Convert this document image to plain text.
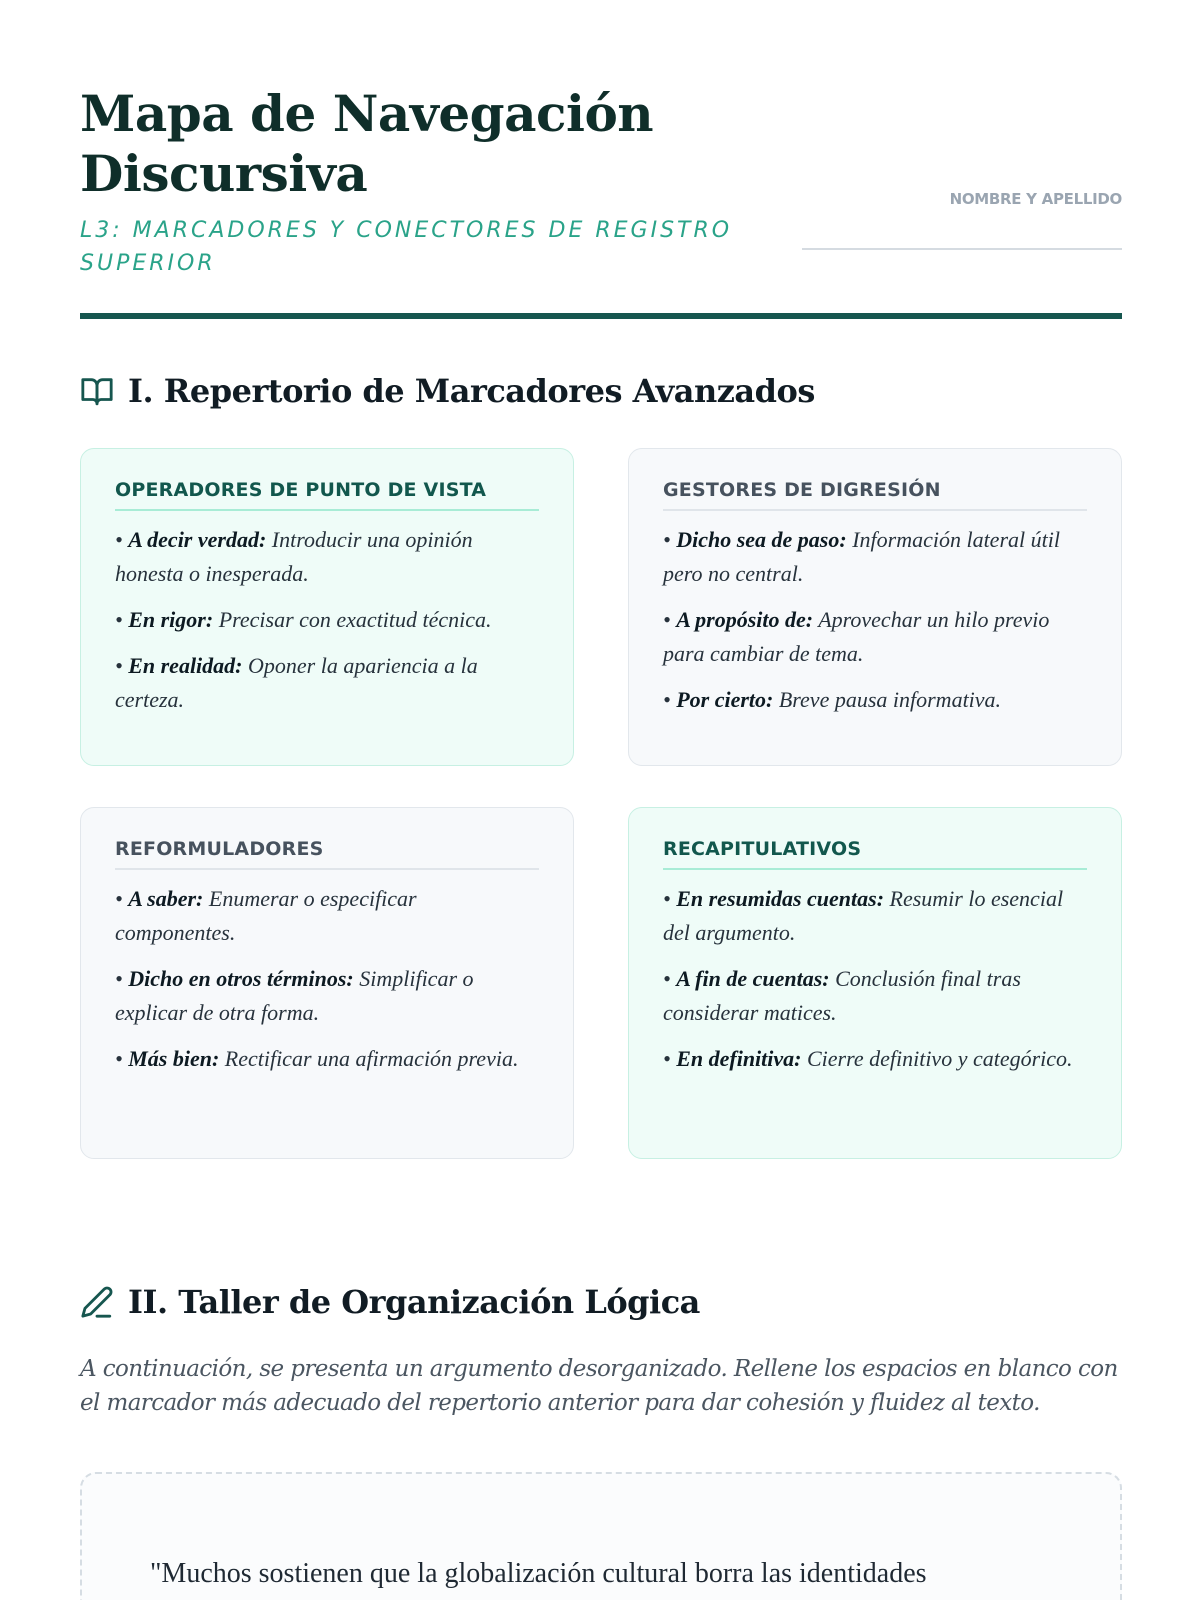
Mapa de Navegación Discursiva
L3: MARCADORES Y CONECTORES DE REGISTRO SUPERIOR
NOMBRE Y APELLIDO
I. Repertorio de Marcadores Avanzados
OPERADORES DE PUNTO DE VISTA
• A decir verdad: Introducir una opinión honesta o inesperada.
• En rigor: Precisar con exactitud técnica.
• En realidad: Oponer la apariencia a la certeza.
GESTORES DE DIGRESIÓN
• Dicho sea de paso: Información lateral útil pero no central.
• A propósito de: Aprovechar un hilo previo para cambiar de tema.
• Por cierto: Breve pausa informativa.
REFORMULADORES
• A saber: Enumerar o especificar componentes.
• Dicho en otros términos: Simplificar o explicar de otra forma.
• Más bien: Rectificar una afirmación previa.
RECAPITULATIVOS
• En resumidas cuentas: Resumir lo esencial del argumento.
• A fin de cuentas: Conclusión final tras considerar matices.
• En definitiva: Cierre definitivo y categórico.
II. Taller de Organización Lógica
A continuación, se presenta un argumento desorganizado. Rellene los espacios en blanco con el marcador más adecuado del repertorio anterior para dar cohesión y fluidez al texto.
"Muchos sostienen que la globalización cultural borra las identidades
